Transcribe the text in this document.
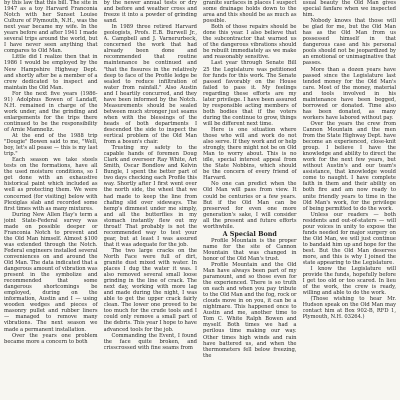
by this law that this bill. The site in 1947 as a toy Harvard Franconia Notch with her Sunset Louise Culture of Plymouth, N.H., was the next year became my wife. In the years before and after 1941 I made several trips around the world, but I have never seen anything that compares to Old Man.

Little did I realize then that in 1986 I would be employed by the New Hampshire Highway Dept. and shortly after be a member of a crew dedicated to inspect and maintain the Old Man.

For the next five years (1986-91) Adolphus Bowen of Landaff, N.H. remained in charge of the work under, and the grinding and enlargements for the trips there continued to be the responsibility of Arnie Mamneliz.

At the end of the 1988 trip "Dougie" Bowen said to me, "Well, boy, let's all pease — this is my last trip."

Each season we take steels tests on the formations, have all the used moisture conditions, so I get done with an exhaustive historical paint which included as well as protecting them. We were concerned (for visiting) below with Plexiglas slab and recorded some first times with as many mixtures.

During New Allen Hay's term a joint State-Federal survey was made on possible deeper or Franconia Notch to prevent and the Old Man himself. Almost $100 was extended through the Notch. Federal engineers installed several conveniences on and around the Old Man. The data indicated that a dangerous amount of vibration was present in the symbolize and recommended that some dangerous shortcomings be employed, during on the information, Austin and I — using wooden wedges and pieces of masonry pullet and rubber liners — managed to remove many vibrations. The next season we made a permanent installation.

Over the years one problem became more a concern to both

by the newer annual tests or dry and before and weather cross and freeze it into a powder of grinding sand.

In 1989 three retired Harvard geologists, Profs. E.B. Burwell Jr., A. Campbell and J. Varnerurbeck, concerned the work that had already been done and recommended that routine maintenance be continued and "that the fissures in the relatively deep to face of the Profile ledge be sealed to reduce infiltration of water from rainfall." Also Austin and I heartily concurred, and they have been informed by the Notch. Measurements should be sealed between much stronger just seams when with the blessings of the heads of both departments I descended the side to inspect the vertical problem of the Old Man from a bosun's chair.

Trusting my safety to the capable hands of foremen Doug Clark and overseer Ray White, Art Smith, Oscar Bondlow and Kelvin Bungle, I spent the better part of two days checking each Profile this way. Shortly after I first went over the north side, the wheel that we had made to keep the line from chafing slid over sideways. The hemp's dimmest under me simply, and all the butterflies in my stomach instantly flew out my throat! That probably is not the recommended way to test your gear, but at least I was assured that it was adequate for the job.

The two large cracks on the North Face were full of dirt, granite dust mixed with water. In places I dug the water it was. I also removed several small loose grinding in the line of crack. The next day, working with more lag and made during the night, I was able to get the upper crack fairly clean. The lower one proved to be too much for the crude tools and I could only remove a small part of the debris. This year I hope to have advanced tools for the job.

Commanding the Event, I found the face quite broken, and crisscrossed with fine seams from

granite surfaces in places I suspect some drainage holds down to the area and this should be as much as possible.

Both of those repairs should be done this year. I also believe that the subcontractor that warned us of the dangerous vibrations should be rebuilt immediately as we make and reasonably sensitive.

Last year through Senate Bill 25 the Legislature was petitioned for funds for this work. The Senate passed favorably on the House failed to pass it. My feelings regarding these efforts are my later privilege. I have been assured by responsible acting members of both bodies that if the voters during the continue to grow, things will be different next time.

Here is one situation where those who will and work do not also serve. If they work and or help strongly, there might not be on Old Man to worry about. This is no idle, special interest appeal from the State Nobbins, which should be the concern of every friend of Harvard.

No one can predict when the Old Man will pass from view. It could be centuries or a few years. But if the Old Man can be preserved for even one more generation's sake, I will consider all the present and future efforts worthwhile.

A Special Bond

Profile Mountain is the proper name for the site of Cannon Mountain that was changed in honor of the Old Man's trust.

Profile Mountain and the Old Man have always been part of my paramount, and so those even for the experienced. There is so truth on each and when you pay tribute to the Old Man and the fog, rock or clouds move in on you, it can be a nightmare. This happened once to Austin and me, another time to Tom C. White Ralph Bowen and myself. Both times we had a perilous time making our way. Other times high winds and rain have battered us, and when the thermometers fell below freezing, the

usual beauty the Old Man gives special fanfare when we inspected him.

Nobody knows that those will be glad for me, but the Old Man has as the Old Man from us possessed himself in that dangerous case and his personal pools should not be jeopardized by an emotional or unimaginative that passes.

More than a dozen years have passed since the Legislature last tended money for the Old Man's care. Most of the money, material and tools involved in his maintenance have been begged, borrowed or donated. Time also has been donated, as many workers have labored without pay.

Over the years the crew from Cannon Mountain and the men from the State Highway Dept. have become an experienced, close-knit group. I believe I have the knowledge and ability to direct the work for the next few years, but without Austin's and our team's assistance, that knowledge would come to naught. I have complete faith in them and their ability on both fire and am now ready to unite friendly years to time in the Old Man's work, for the privilege of being permitted to do the work.

Unless our readers — both residents and out-of-staters — will pour voices in unity to expose the funds needed for major surgery on the Old Man, we will just continue to bandaid him up and hope for the best. But the Old Man deserves more, and this is why I joined the state appearing to the Legislature.

I know the Legislature will provide the funds, hopefully before I get too old or too scared. In lieu of the work, the crew is ready, willing and able to do the work.

(Those wishing to hear Mr. Hudson speak on the Old Man may contact him at Box 902-B, RFD 1, Plymouth, N.H. 03264.)
